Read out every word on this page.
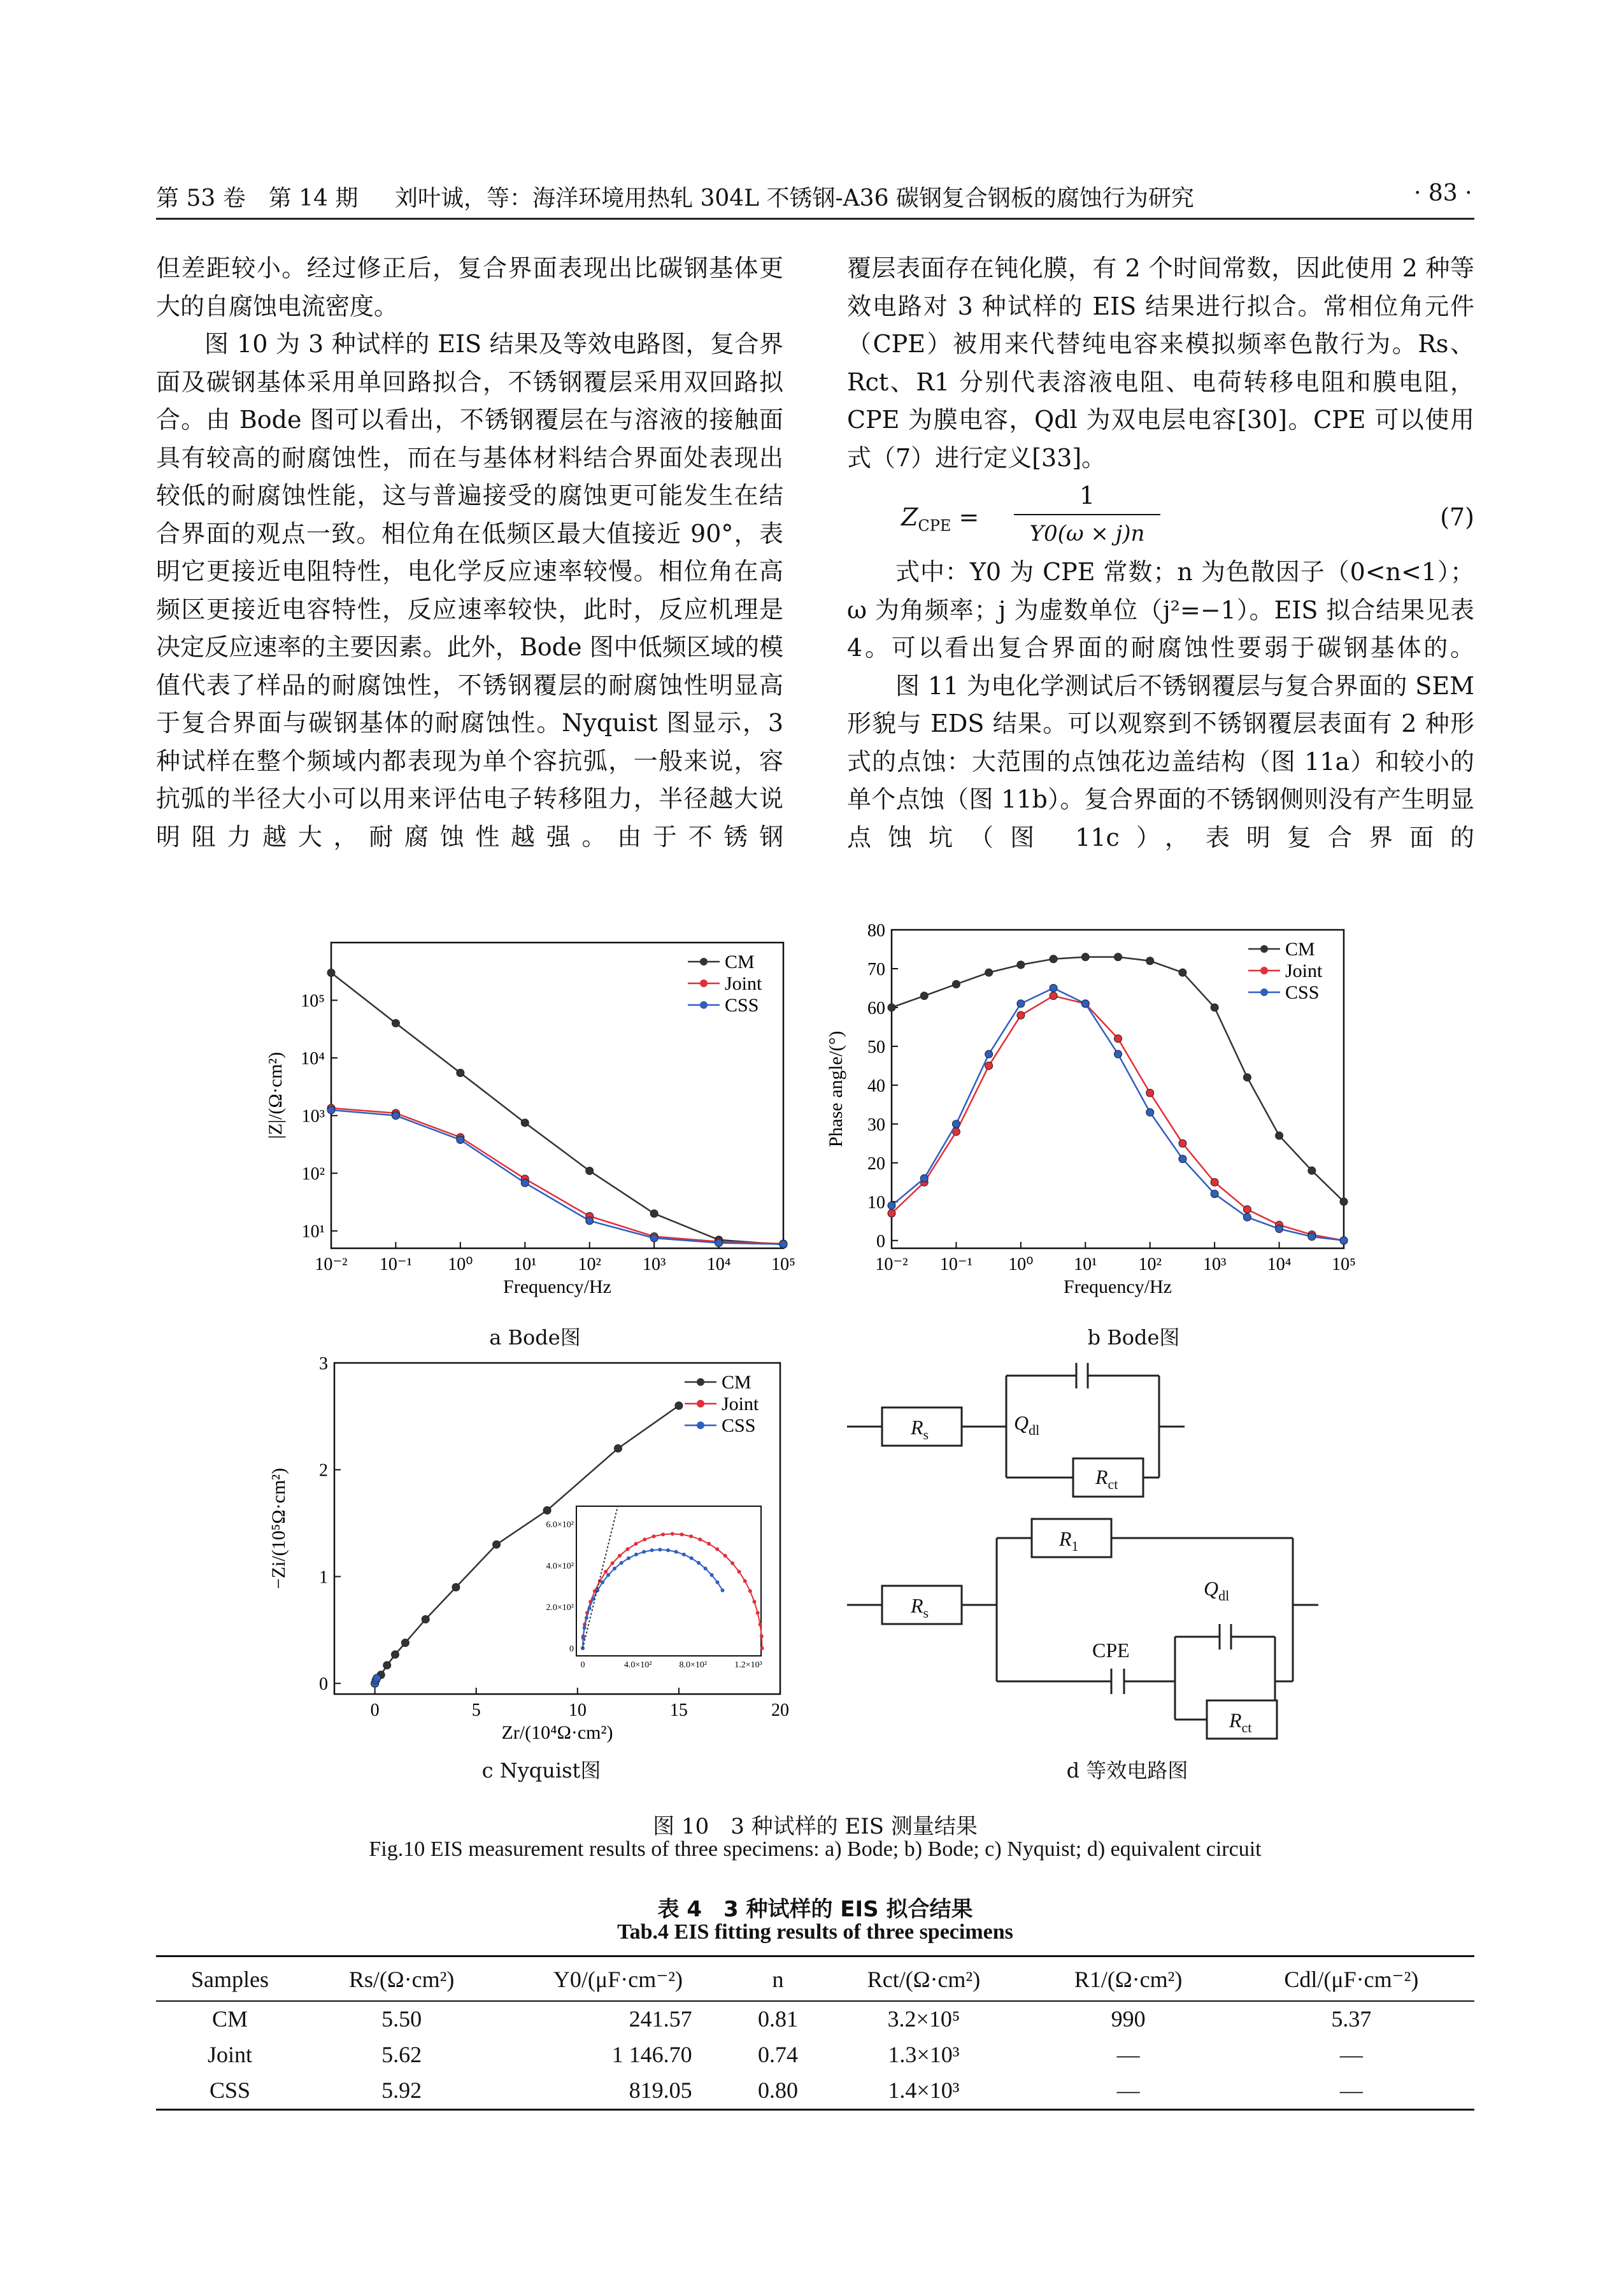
第 53 卷　第 14 期 刘叶诚，等：海洋环境用热轧 304L 不锈钢-A36 碳钢复合钢板的腐蚀行为研究	· 83 ·

但差距较小。经过修正后，复合界面表现出比碳钢基体更大的自腐蚀电流密度。

图 10 为 3 种试样的 EIS 结果及等效电路图，复合界面及碳钢基体采用单回路拟合，不锈钢覆层采用双回路拟合。由 Bode 图可以看出，不锈钢覆层在与溶液的接触面具有较高的耐腐蚀性，而在与基体材料结合界面处表现出较低的耐腐蚀性能，这与普遍接受的腐蚀更可能发生在结合界面的观点一致。相位角在低频区最大值接近 90°，表明它更接近电阻特性，电化学反应速率较慢。相位角在高频区更接近电容特性，反应速率较快，此时，反应机理是决定反应速率的主要因素。此外，Bode 图中低频区域的模值代表了样品的耐腐蚀性，不锈钢覆层的耐腐蚀性明显高于复合界面与碳钢基体的耐腐蚀性。Nyquist 图显示，3 种试样在整个频域内都表现为单个容抗弧，一般来说，容抗弧的半径大小可以用来评估电子转移阻力，半径越大说明阻力越大，耐腐蚀性越强。由于不锈钢

覆层表面存在钝化膜，有 2 个时间常数，因此使用 2 种等效电路对 3 种试样的 EIS 结果进行拟合。常相位角元件（CPE）被用来代替纯电容来模拟频率色散行为。Rs、Rct、R1 分别代表溶液电阻、电荷转移电阻和膜电阻，CPE 为膜电容，Qdl 为双电层电容[30]。CPE 可以使用式（7）进行定义[33]。

$Z_{CPE}$ =
1
Y0(ω × j)n
(7)

式中：Y0 为 CPE 常数；n 为色散因子（0<n<1）；ω 为角频率；j 为虚数单位（j²=−1）。EIS 拟合结果见表 4。可以看出复合界面的耐腐蚀性要弱于碳钢基体的。

图 11 为电化学测试后不锈钢覆层与复合界面的 SEM 形貌与 EDS 结果。可以观察到不锈钢覆层表面有 2 种形式的点蚀：大范围的点蚀花边盖结构（图 11a）和较小的单个点蚀（图 11b）。复合界面的不锈钢侧则没有产生明显点蚀坑（图 11c），表明复合界面的

10⁻² 10⁻¹ 10⁰ 10¹ 10² 10³ 10⁴ 10⁵
10¹
10²
10³
10⁴
10⁵
Frequency/Hz
|Z|/(Ω·cm²)
CM
Joint
CSS
a Bode图
10⁻² 10⁻¹ 10⁰ 10¹ 10² 10³ 10⁴ 10⁵
0
10
20
30
40
50
60
70
80
Frequency/Hz
Phase angle/(°)
CM
Joint
CSS
b Bode图
0	5	10	15	20
0
1
2
3
Zr/(10⁴Ω·cm²)
−Zi/(10⁵Ω·cm²)
CM
Joint
CSS
0	4.0×10²	8.0×10²	1.2×10³
0
2.0×10²
4.0×10²
6.0×10²
c Nyquist图
$R_s$
$Q_{dl}$
$R_{ct}$
$R_s$
$R_1$
$Q_{dl}$
$R_{ct}$
CPE
d 等效电路图
图 10　3 种试样的 EIS 测量结果
Fig.10 EIS measurement results of three specimens: a) Bode; b) Bode; c) Nyquist; d) equivalent circuit
表 4　3 种试样的 EIS 拟合结果
Tab.4 EIS fitting results of three specimens
Samples	Rs/(Ω·cm²)	Y0/(μF·cm⁻²)	n	Rct/(Ω·cm²)	R1/(Ω·cm²)	Cdl/(μF·cm⁻²)
CM	5.50	241.57	0.81	3.2×10⁵	990	5.37
Joint	5.62	1 146.70	0.74	1.3×10³	—	—
CSS	5.92	819.05	0.80	1.4×10³	—	—
